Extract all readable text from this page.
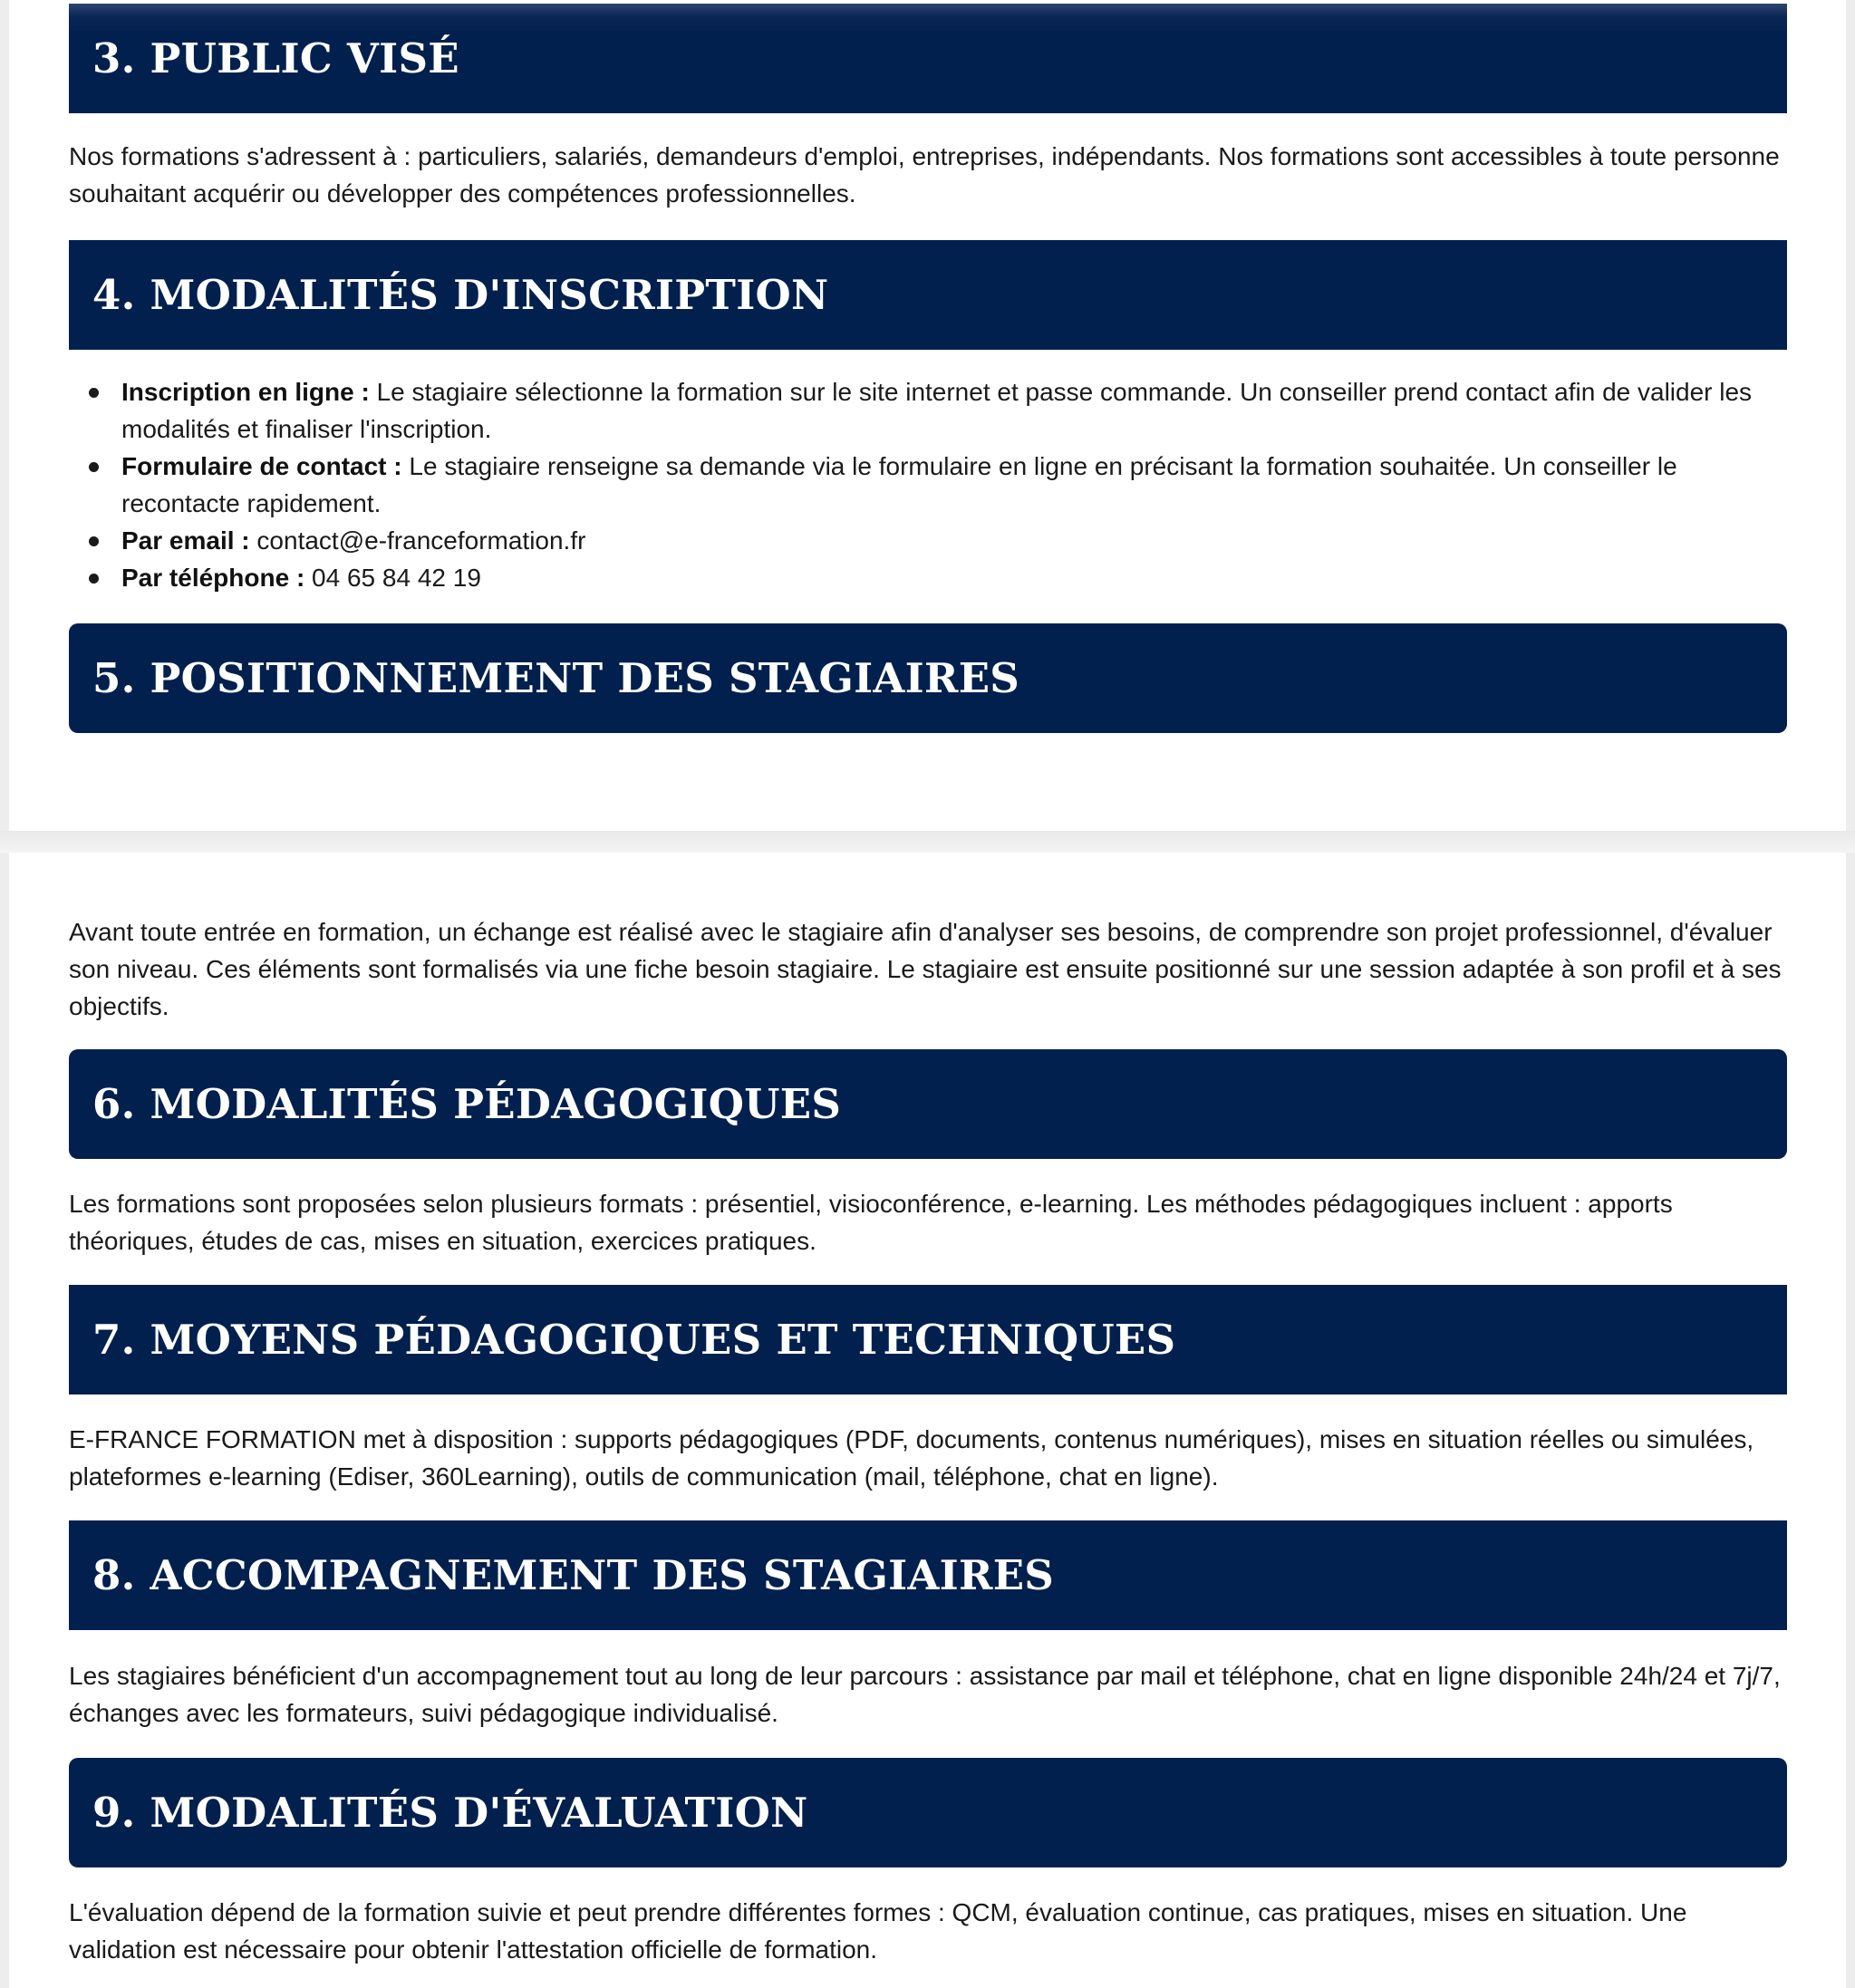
3. PUBLIC VISÉ

Nos formations s'adressent à : particuliers, salariés, demandeurs d'emploi, entreprises, indépendants. Nos formations sont accessibles à toute personne souhaitant acquérir ou développer des compétences professionnelles.

4. MODALITÉS D'INSCRIPTION
Inscription en ligne : Le stagiaire sélectionne la formation sur le site internet et passe commande. Un conseiller prend contact afin de valider les modalités et finaliser l'inscription.
Formulaire de contact : Le stagiaire renseigne sa demande via le formulaire en ligne en précisant la formation souhaitée. Un conseiller le recontacte rapidement.
Par email : contact@e-franceformation.fr
Par téléphone : 04 65 84 42 19
5. POSITIONNEMENT DES STAGIAIRES

Avant toute entrée en formation, un échange est réalisé avec le stagiaire afin d'analyser ses besoins, de comprendre son projet professionnel, d'évaluer son niveau. Ces éléments sont formalisés via une fiche besoin stagiaire. Le stagiaire est ensuite positionné sur une session adaptée à son profil et à ses objectifs.

6. MODALITÉS PÉDAGOGIQUES

Les formations sont proposées selon plusieurs formats : présentiel, visioconférence, e-learning. Les méthodes pédagogiques incluent : apports théoriques, études de cas, mises en situation, exercices pratiques.

7. MOYENS PÉDAGOGIQUES ET TECHNIQUES

E-FRANCE FORMATION met à disposition : supports pédagogiques (PDF, documents, contenus numériques), mises en situation réelles ou simulées, plateformes e-learning (Ediser, 360Learning), outils de communication (mail, téléphone, chat en ligne).

8. ACCOMPAGNEMENT DES STAGIAIRES

Les stagiaires bénéficient d'un accompagnement tout au long de leur parcours : assistance par mail et téléphone, chat en ligne disponible 24h/24 et 7j/7, échanges avec les formateurs, suivi pédagogique individualisé.

9. MODALITÉS D'ÉVALUATION

L'évaluation dépend de la formation suivie et peut prendre différentes formes : QCM, évaluation continue, cas pratiques, mises en situation. Une validation est nécessaire pour obtenir l'attestation officielle de formation.
